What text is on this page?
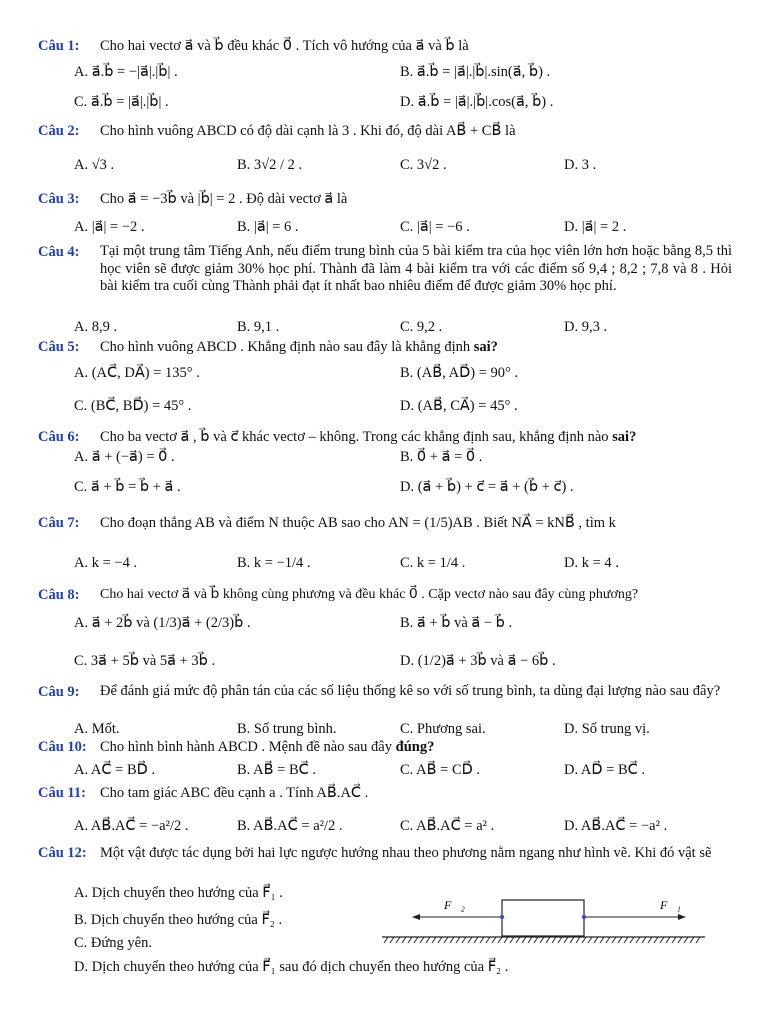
Câu 1: Cho hai vectơ a⃗ và b⃗ đều khác 0⃗ . Tích vô hướng của a⃗ và b⃗ là
A. a⃗.b⃗ = −|a⃗|.|b⃗| .	B. a⃗.b⃗ = |a⃗|.|b⃗|.sin(a⃗, b⃗) .
C. a⃗.b⃗ = |a⃗|.|b⃗| .	D. a⃗.b⃗ = |a⃗|.|b⃗|.cos(a⃗, b⃗) .
Câu 2: Cho hình vuông ABCD có độ dài cạnh là 3 . Khi đó, độ dài AB⃗ + CB⃗ là
A. √3 .	B. 3√2 / 2 .	C. 3√2 .	D. 3 .
Câu 3: Cho a⃗ = −3b⃗ và |b⃗| = 2 . Độ dài vectơ a⃗ là
A. |a⃗| = −2 .	B. |a⃗| = 6 .	C. |a⃗| = −6 .	D. |a⃗| = 2 .
Câu 4: Tại một trung tâm Tiếng Anh, nếu điểm trung bình của 5 bài kiểm tra của học viên lớn hơn hoặc bằng 8,5 thì học viên sẽ được giảm 30% học phí. Thành đã làm 4 bài kiểm tra với các điểm số 9,4 ; 8,2 ; 7,8 và 8 . Hỏi bài kiểm tra cuối cùng Thành phải đạt ít nhất bao nhiêu điểm để được giảm 30% học phí.
A. 8,9 .	B. 9,1 .	C. 9,2 .	D. 9,3 .
Câu 5: Cho hình vuông ABCD . Khẳng định nào sau đây là khẳng định sai?
A. (AC⃗, DA⃗) = 135° .	B. (AB⃗, AD⃗) = 90° .
C. (BC⃗, BD⃗) = 45° .	D. (AB⃗, CA⃗) = 45° .
Câu 6: Cho ba vectơ a⃗ , b⃗ và c⃗ khác vectơ – không. Trong các khẳng định sau, khẳng định nào sai?
A. a⃗ + (−a⃗) = 0⃗ .	B. 0⃗ + a⃗ = 0⃗ .
C. a⃗ + b⃗ = b⃗ + a⃗ .	D. (a⃗ + b⃗) + c⃗ = a⃗ + (b⃗ + c⃗) .
Câu 7: Cho đoạn thẳng AB và điểm N thuộc AB sao cho AN = (1/5)AB . Biết NA⃗ = kNB⃗ , tìm k
A. k = −4 .	B. k = −1/4 .	C. k = 1/4 .	D. k = 4 .
Câu 8: Cho hai vectơ a⃗ và b⃗ không cùng phương và đều khác 0⃗ . Cặp vectơ nào sau đây cùng phương?
A. a⃗ + 2b⃗ và (1/3)a⃗ + (2/3)b⃗ .	B. a⃗ + b⃗ và a⃗ − b⃗ .
C. 3a⃗ + 5b⃗ và 5a⃗ + 3b⃗ .	D. (1/2)a⃗ + 3b⃗ và a⃗ − 6b⃗ .
Câu 9: Để đánh giá mức độ phân tán của các số liệu thống kê so với số trung bình, ta dùng đại lượng nào sau đây?
A. Mốt.	B. Số trung bình.	C. Phương sai.	D. Số trung vị.
Câu 10: Cho hình bình hành ABCD . Mệnh đề nào sau đây đúng?
A. AC⃗ = BD⃗ .	B. AB⃗ = BC⃗ .	C. AB⃗ = CD⃗ .	D. AD⃗ = BC⃗ .
Câu 11: Cho tam giác ABC đều cạnh a . Tính AB⃗.AC⃗ .
A. AB⃗.AC⃗ = −a²/2 .	B. AB⃗.AC⃗ = a²/2 .	C. AB⃗.AC⃗ = a² .	D. AB⃗.AC⃗ = −a² .
Câu 12: Một vật được tác dụng bởi hai lực ngược hướng nhau theo phương nằm ngang như hình vẽ. Khi đó vật sẽ
A. Dịch chuyển theo hướng của F⃗₁ .
B. Dịch chuyển theo hướng của F⃗₂ .
C. Đứng yên.
D. Dịch chuyển theo hướng của F⃗₁ sau đó dịch chuyển theo hướng của F⃗₂ .
F⃗₂	F⃗₁
